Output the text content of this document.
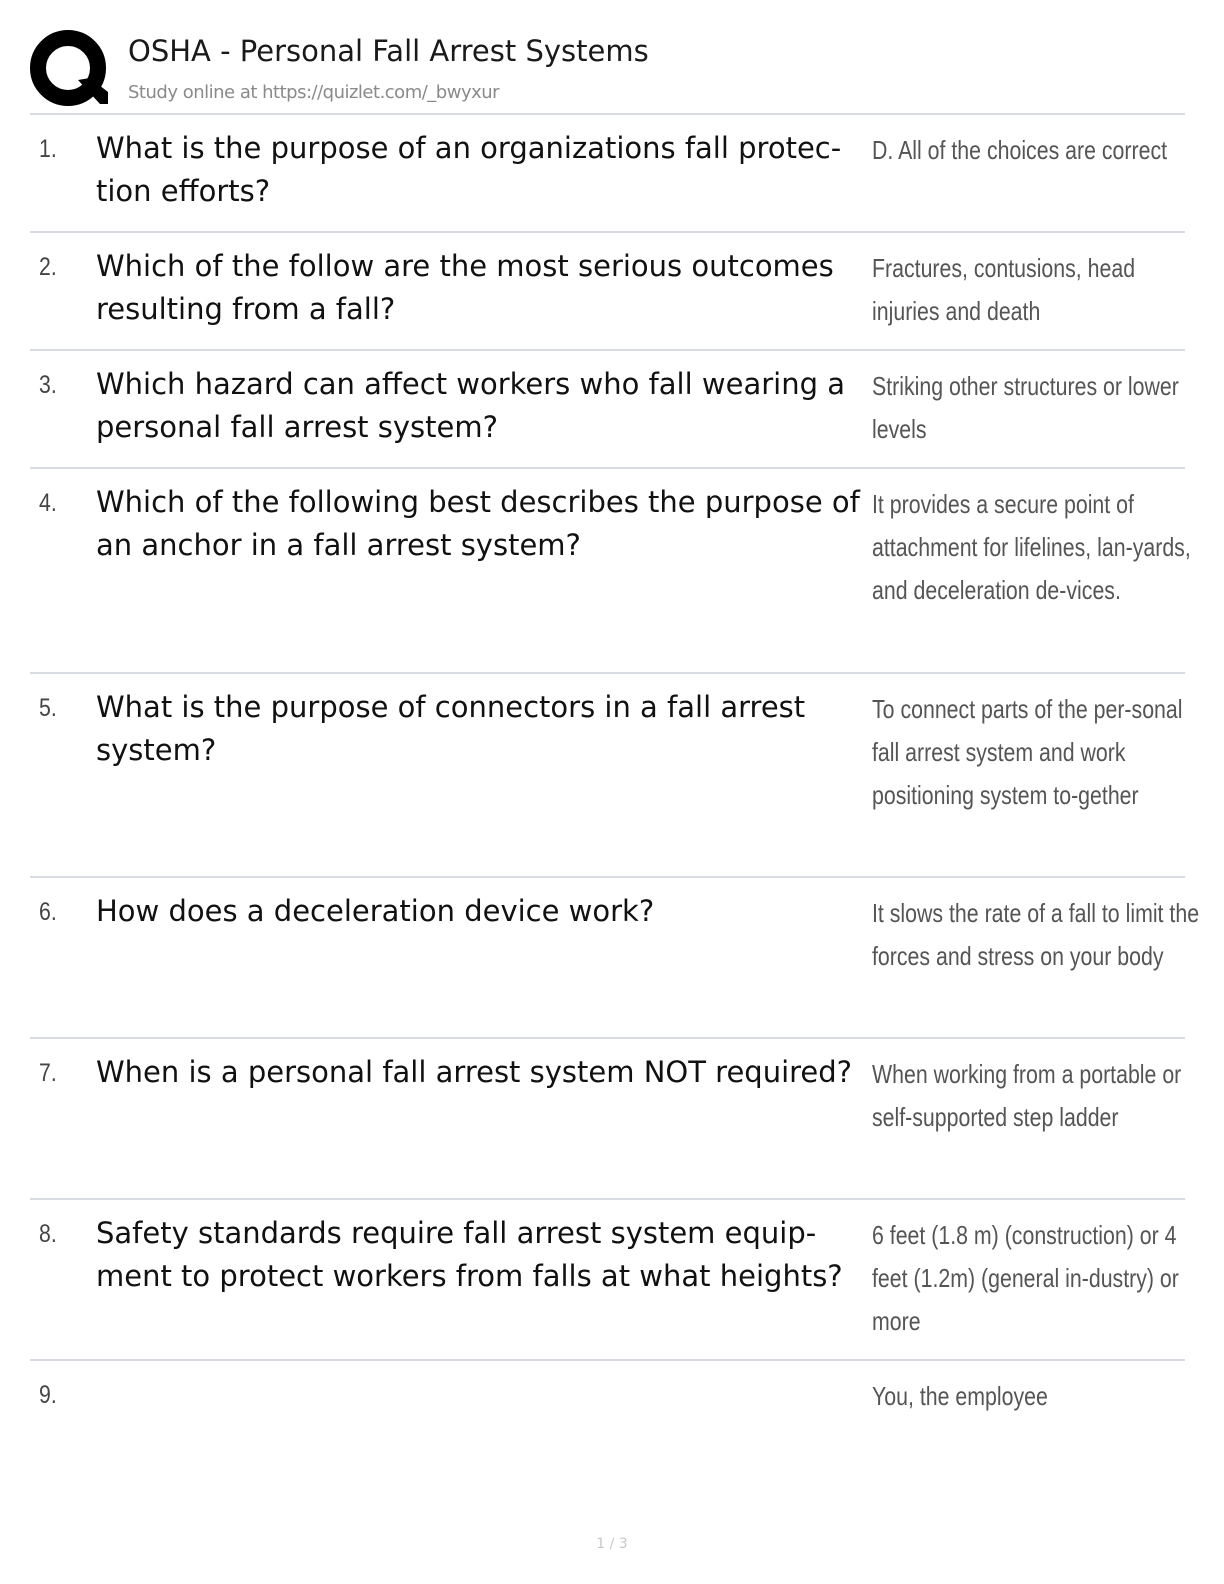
OSHA - Personal Fall Arrest Systems
Study online at https://quizlet.com/_bwyxur
1. What is the purpose of an organizations fall protec-tion efforts?
D. All of the choices are correct
2. Which of the follow are the most serious outcomes resulting from a fall?
Fractures, contusions, head injuries and death
3. Which hazard can affect workers who fall wearing a personal fall arrest system?
Striking other structures or lower levels
4. Which of the following best describes the purpose of an anchor in a fall arrest system?
It provides a secure point of attachment for lifelines, lan-yards, and deceleration de-vices.
5. What is the purpose of connectors in a fall arrest system?
To connect parts of the per-sonal fall arrest system and work positioning system to-gether
6. How does a deceleration device work?	It slows the rate of a fall to limit the forces and stress on your body
7. When is a personal fall arrest system NOT required? When working from a portable or self-supported step ladder
8. Safety standards require fall arrest system equip-ment to protect workers from falls at what heights?
6 feet (1.8 m) (construction) or 4 feet (1.2m) (general in-dustry) or more
9.	You, the employee
1 / 3
